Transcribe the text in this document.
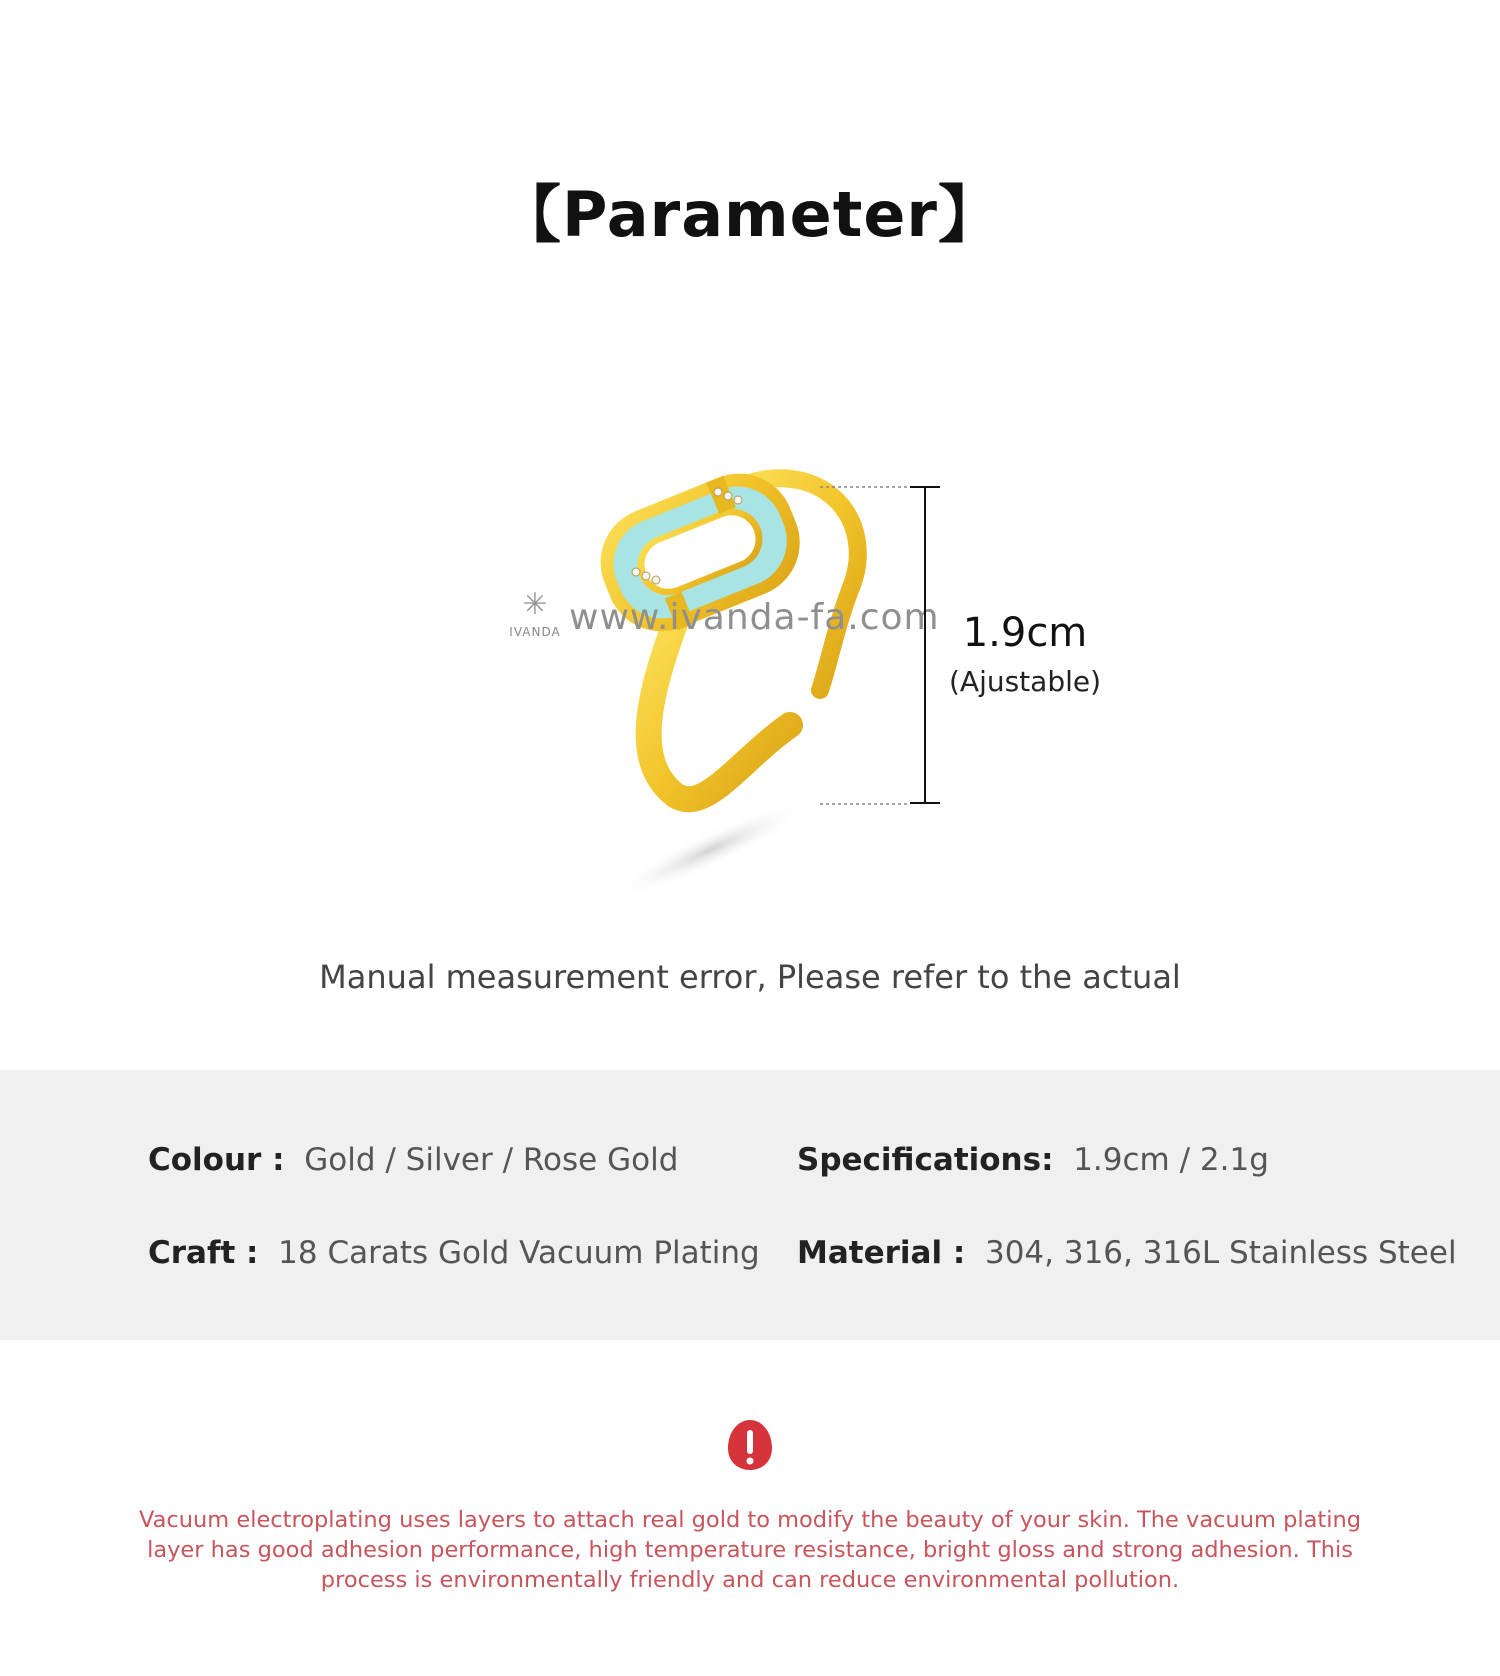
【Parameter】
✳
IVANDA www.ivanda-fa.com 1.9cm
(Ajustable)
Manual measurement error, Please refer to the actual
Colour : Gold / Silver / Rose Gold	Specifications: 1.9cm / 2.1g
Craft : 18 Carats Gold Vacuum Plating Material : 304, 316, 316L Stainless Steel
Vacuum electroplating uses layers to attach real gold to modify the beauty of your skin. The vacuum plating layer has good adhesion performance, high temperature resistance, bright gloss and strong adhesion. This process is environmentally friendly and can reduce environmental pollution.
